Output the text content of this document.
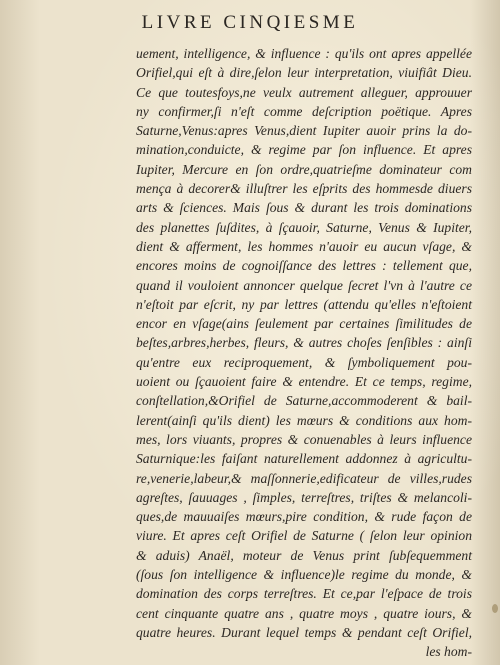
LIVRE CINQIESME
uement, intelligence, & influence : qu'ils ont apres appellée
Orifiel,qui eſt à dire,ſelon leur interpretation, viuifiât Dieu.
Ce que toutesfoys,ne veulx autrement alleguer, approuuer
ny confirmer,ſi n'eſt comme deſcription poëtique. Apres
Saturne,Venus:apres Venus,dient Iupiter auoir prins la do-
mination,conduicte, & regime par ſon influence. Et apres
Iupiter, Mercure en ſon ordre,quatrieſme dominateur com
mença à decorer& illuſtrer les eſprits des hommesde diuers
arts & ſciences. Mais ſous & durant les trois dominations
des planettes ſuſdites, à ſçauoir, Saturne, Venus & Iupiter,
dient & afferment, les hommes n'auoir eu aucun vſage, &
encores moins de cognoiſſance des lettres : tellement que,
quand il vouloient annoncer quelque ſecret l'vn à l'autre ce
n'eſtoit par eſcrit, ny par lettres (attendu qu'elles n'eſtoient
encor en vſage(ains ſeulement par certaines ſimilitudes de
beſtes,arbres,herbes, fleurs, & autres choſes ſenſibles : ainſi
qu'entre eux reciproquement, & ſymboliquement pou-
uoient ou ſçauoient faire & entendre. Et ce temps, regime,
conſtellation,&Orifiel de Saturne,accommoderent & bail-
lerent(ainſi qu'ils dient) les mœurs & conditions aux hom-
mes, lors viuants, propres & conuenables à leurs influence
Saturnique:les faiſant naturellement addonnez à agricultu-
re,venerie,labeur,& maſſonnerie,edificateur de villes,rudes
agreſtes, ſauuages , ſimples, terreſtres, triſtes & melancoli-
ques,de mauuaiſes mœurs,pire condition, & rude façon de
viure. Et apres ceſt Orifiel de Saturne ( ſelon leur opinion
& aduis) Anaël, moteur de Venus print ſubſequemment
(ſous ſon intelligence & influence)le regime du monde, &
domination des corps terreſtres. Et ce,par l'eſpace de trois
cent cinquante quatre ans , quatre moys , quatre iours, &
quatre heures. Durant lequel temps & pendant ceſt Orifiel,
les hom-
